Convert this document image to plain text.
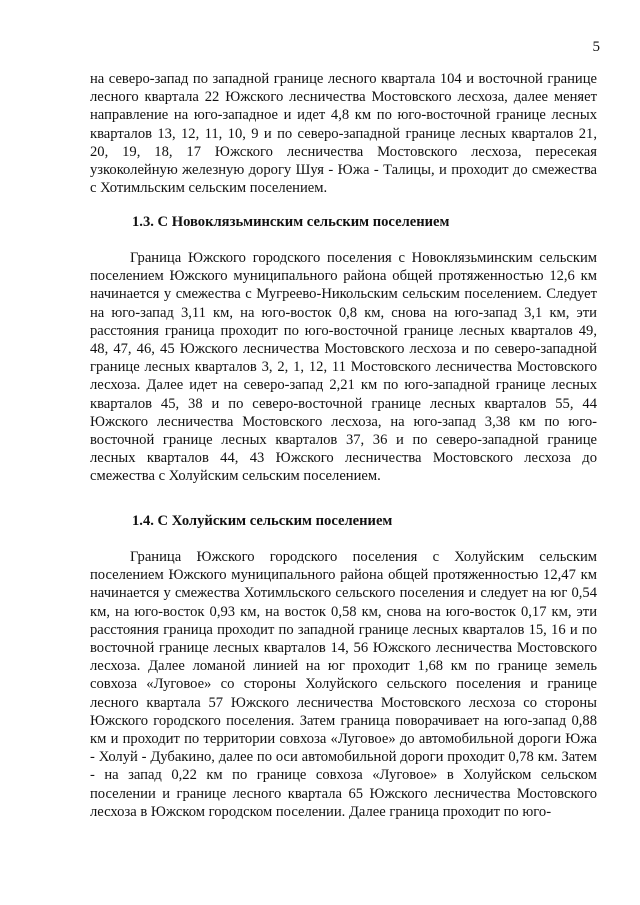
5

на северо-запад по западной границе лесного квартала 104 и восточной границе лесного квартала 22 Южского лесничества Мостовского лесхоза, далее меняет направление на юго-западное и идет 4,8 км по юго-восточной границе лесных кварталов 13, 12, 11, 10, 9 и по северо-западной границе лесных кварталов 21, 20, 19, 18, 17 Южского лесничества Мостовского лесхоза, пересекая узкоколейную железную дорогу Шуя - Южа - Талицы, и проходит до смежества с Хотимльским сельским поселением.

1.3. С Новоклязьминским сельским поселением

Граница Южского городского поселения с Новоклязьминским сельским поселением Южского муниципального района общей протяженностью 12,6 км начинается у смежества с Мугреево-Никольским сельским поселением. Следует на юго-запад 3,11 км, на юго-восток 0,8 км, снова на юго-запад 3,1 км, эти расстояния граница проходит по юго-восточной границе лесных кварталов 49, 48, 47, 46, 45 Южского лесничества Мостовского лесхоза и по северо-западной границе лесных кварталов 3, 2, 1, 12, 11 Мостовского лесничества Мостовского лесхоза. Далее идет на северо-запад 2,21 км по юго-западной границе лесных кварталов 45, 38 и по северо-восточной границе лесных кварталов 55, 44 Южского лесничества Мостовского лесхоза, на юго-запад 3,38 км по юго-восточной границе лесных кварталов 37, 36 и по северо-западной границе лесных кварталов 44, 43 Южского лесничества Мостовского лесхоза до смежества с Холуйским сельским поселением.

1.4. С Холуйским сельским поселением

Граница Южского городского поселения с Холуйским сельским поселением Южского муниципального района общей протяженностью 12,47 км начинается у смежества Хотимльского сельского поселения и следует на юг 0,54 км, на юго-восток 0,93 км, на восток 0,58 км, снова на юго-восток 0,17 км, эти расстояния граница проходит по западной границе лесных кварталов 15, 16 и по восточной границе лесных кварталов 14, 56 Южского лесничества Мостовского лесхоза. Далее ломаной линией на юг проходит 1,68 км по границе земель совхоза «Луговое» со стороны Холуйского сельского поселения и границе лесного квартала 57 Южского лесничества Мостовского лесхоза со стороны Южского городского поселения. Затем граница поворачивает на юго-запад 0,88 км и проходит по территории совхоза «Луговое» до автомобильной дороги Южа - Холуй - Дубакино, далее по оси автомобильной дороги проходит 0,78 км. Затем - на запад 0,22 км по границе совхоза «Луговое» в Холуйском сельском поселении и границе лесного квартала 65 Южского лесничества Мостовского лесхоза в Южском городском поселении. Далее граница проходит по юго-
